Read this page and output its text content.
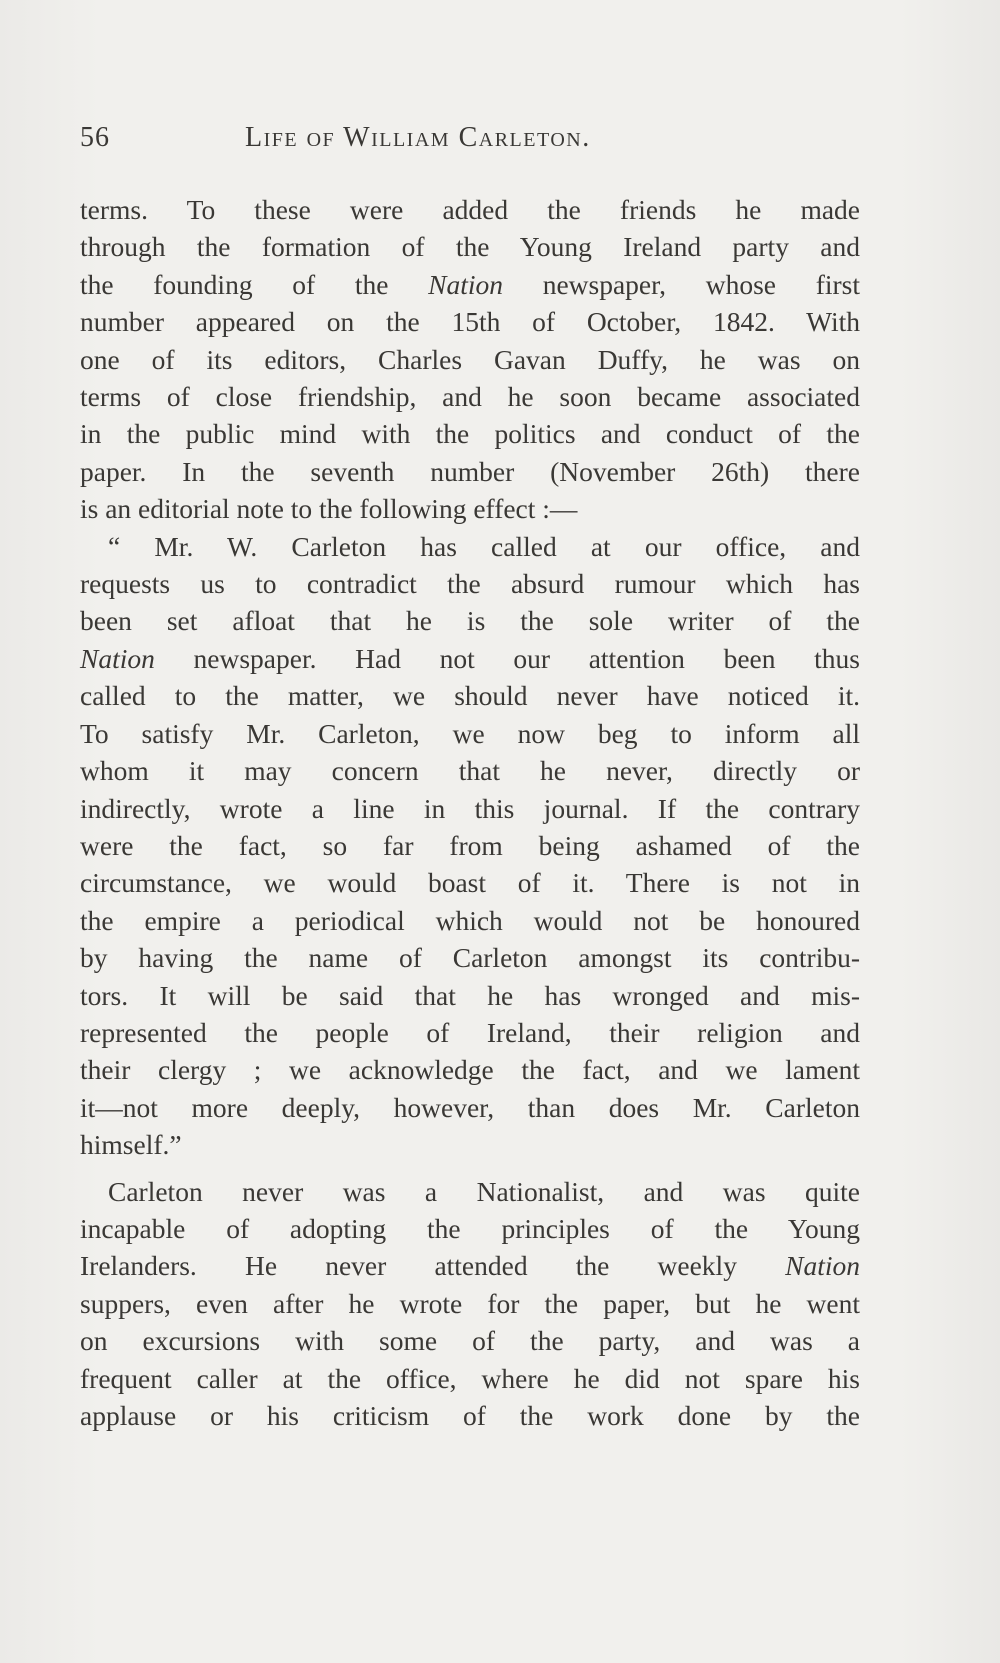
56	Life of William Carleton.
terms. To these were added the friends he made
through the formation of the Young Ireland party and
the founding of the Nation newspaper, whose first
number appeared on the 15th of October, 1842. With
one of its editors, Charles Gavan Duffy, he was on
terms of close friendship, and he soon became associated
in the public mind with the politics and conduct of the
paper. In the seventh number (November 26th) there
is an editorial note to the following effect :—
“ Mr. W. Carleton has called at our office, and
requests us to contradict the absurd rumour which has
been set afloat that he is the sole writer of the
Nation newspaper. Had not our attention been thus
called to the matter, we should never have noticed it.
To satisfy Mr. Carleton, we now beg to inform all
whom it may concern that he never, directly or
indirectly, wrote a line in this journal. If the contrary
were the fact, so far from being ashamed of the
circumstance, we would boast of it. There is not in
the empire a periodical which would not be honoured
by having the name of Carleton amongst its contribu-
tors. It will be said that he has wronged and mis-
represented the people of Ireland, their religion and
their clergy ; we acknowledge the fact, and we lament
it—not more deeply, however, than does Mr. Carleton
himself.”
Carleton never was a Nationalist, and was quite
incapable of adopting the principles of the Young
Irelanders. He never attended the weekly Nation
suppers, even after he wrote for the paper, but he went
on excursions with some of the party, and was a
frequent caller at the office, where he did not spare his
applause or his criticism of the work done by the
